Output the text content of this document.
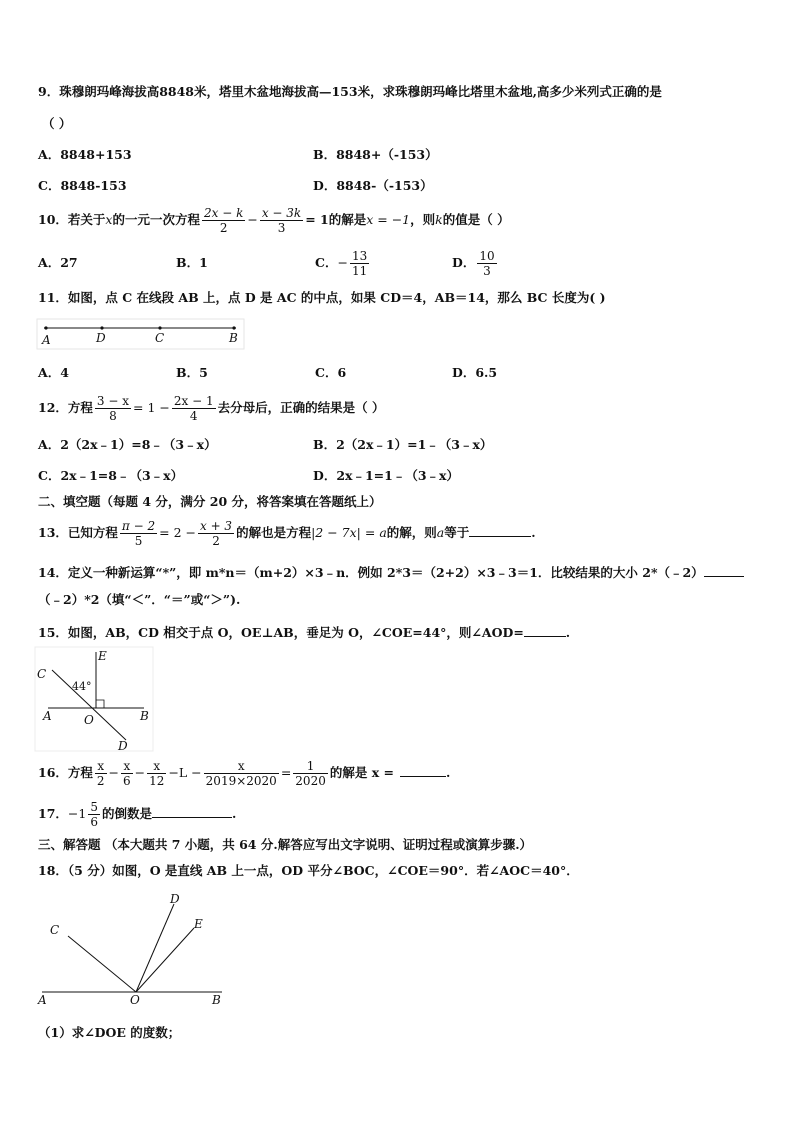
9．珠穆朗玛峰海拔高8848米，塔里木盆地海拔高—153米，求珠穆朗玛峰比塔里木盆地,高多少米列式正确的是
（ ）
A．8848+153	B．8848+（-153）
C．8848-153	D．8848-（-153）
10．若关于x的一元一次方程 $\frac{2x - k}{2} - \frac{x - 3k}{3} = 1$的解是x = −1，则k的值是（ ）
A．27	B．1	C．− $\frac{13}{11}$	D． $\frac{10}{3}$
11．如图，点 C 在线段 AB 上，点 D 是 AC 的中点，如果 CD＝4，AB＝14，那么 BC 长度为( )
A	D	C	B
A．4	B．5	C．6	D．6.5
12．方程 $\frac{3 - x}{8} = 1 - \frac{2x - 1}{4}$ 去分母后，正确的结果是（ ）
A．2（2x﹣1）=8﹣（3﹣x）	B．2（2x﹣1）=1﹣（3﹣x）
C．2x﹣1=8﹣（3﹣x）	D．2x﹣1=1﹣（3﹣x）
二、填空题（每题 4 分，满分 20 分，将答案填在答题纸上）
13．已知方程 $\frac{\pi - 2}{5} = 2 - \frac{x + 3}{2}$ 的解也是方程|2 − 7x| = a的解，则a等于	.
14．定义一种新运算“*”，即 m*n＝（m+2）×3﹣n．例如 2*3＝（2+2）×3﹣3＝1．比较结果的大小 2*（﹣2）
（﹣2）*2（填“＜”．“＝”或“＞”).
15．如图，AB，CD 相交于点 O，OE⊥AB，垂足为 O，∠COE=44°，则∠AOD=	.
E
C
44°
A	O	B
D
16．方程 $\frac{x}{2} - \frac{x}{6} - \frac{x}{12} -L - \frac{x}{2019\times 2020} = \frac{1}{2020}$ 的解是 x =	.
17．$-1 \frac{5}{6}$ 的倒数是	.
三、解答题 （本大题共 7 小题，共 64 分.解答应写出文字说明、证明过程或演算步骤.）
18．（5 分）如图，O 是直线 AB 上一点，OD 平分∠BOC，∠COE＝90°．若∠AOC＝40°．
C
D
E
A	O	B
（1）求∠DOE 的度数；
